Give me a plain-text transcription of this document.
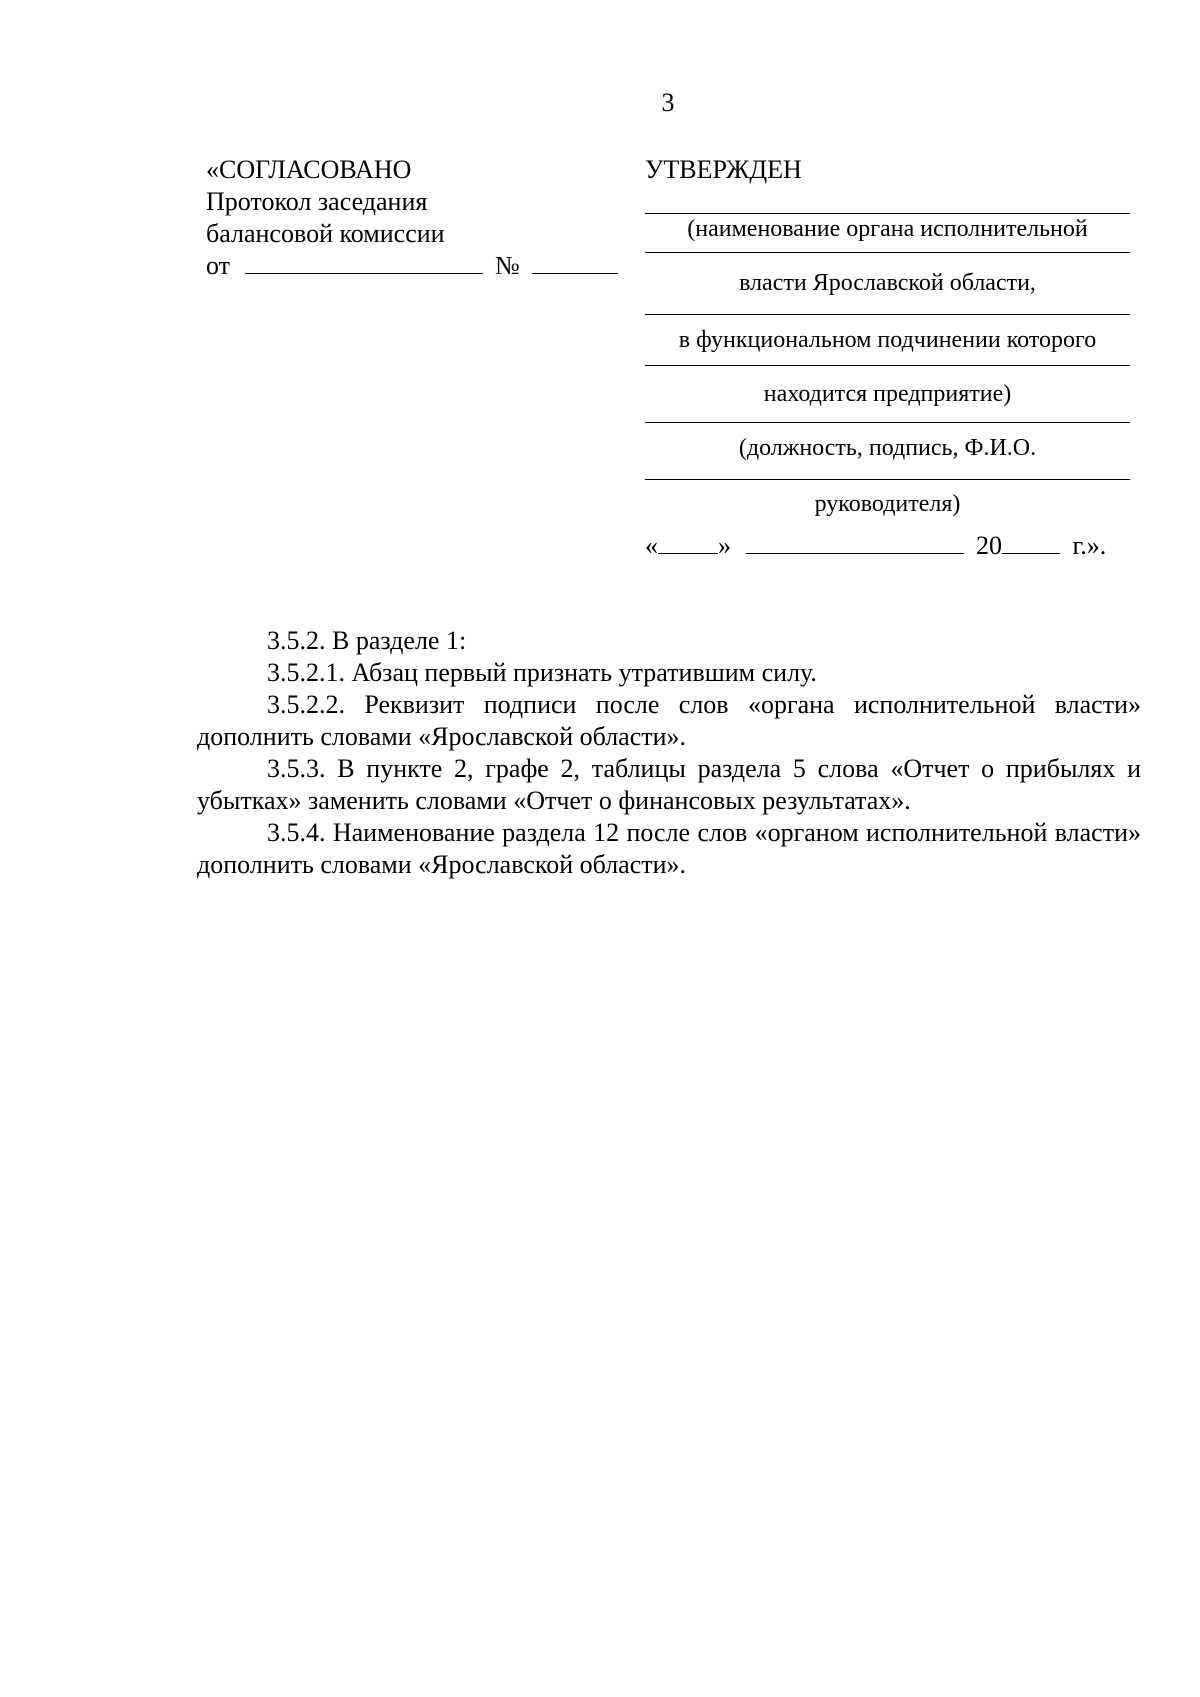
3
«СОГЛАСОВАНО
Протокол заседания
балансовой комиссии
от	№
УТВЕРЖДЕН
(наименование органа исполнительной
власти Ярославской области,
в функциональном подчинении которого
находится предприятие)
(должность, подпись, Ф.И.О.
руководителя)
« »	20	г.».

3.5.2. В разделе 1:

3.5.2.1. Абзац первый признать утратившим силу.

3.5.2.2. Реквизит подписи после слов «органа исполнительной власти» дополнить словами «Ярославской области».

3.5.3. В пункте 2, графе 2, таблицы раздела 5 слова «Отчет о прибылях и убытках» заменить словами «Отчет о финансовых результатах».

3.5.4. Наименование раздела 12 после слов «органом исполнительной власти» дополнить словами «Ярославской области».
